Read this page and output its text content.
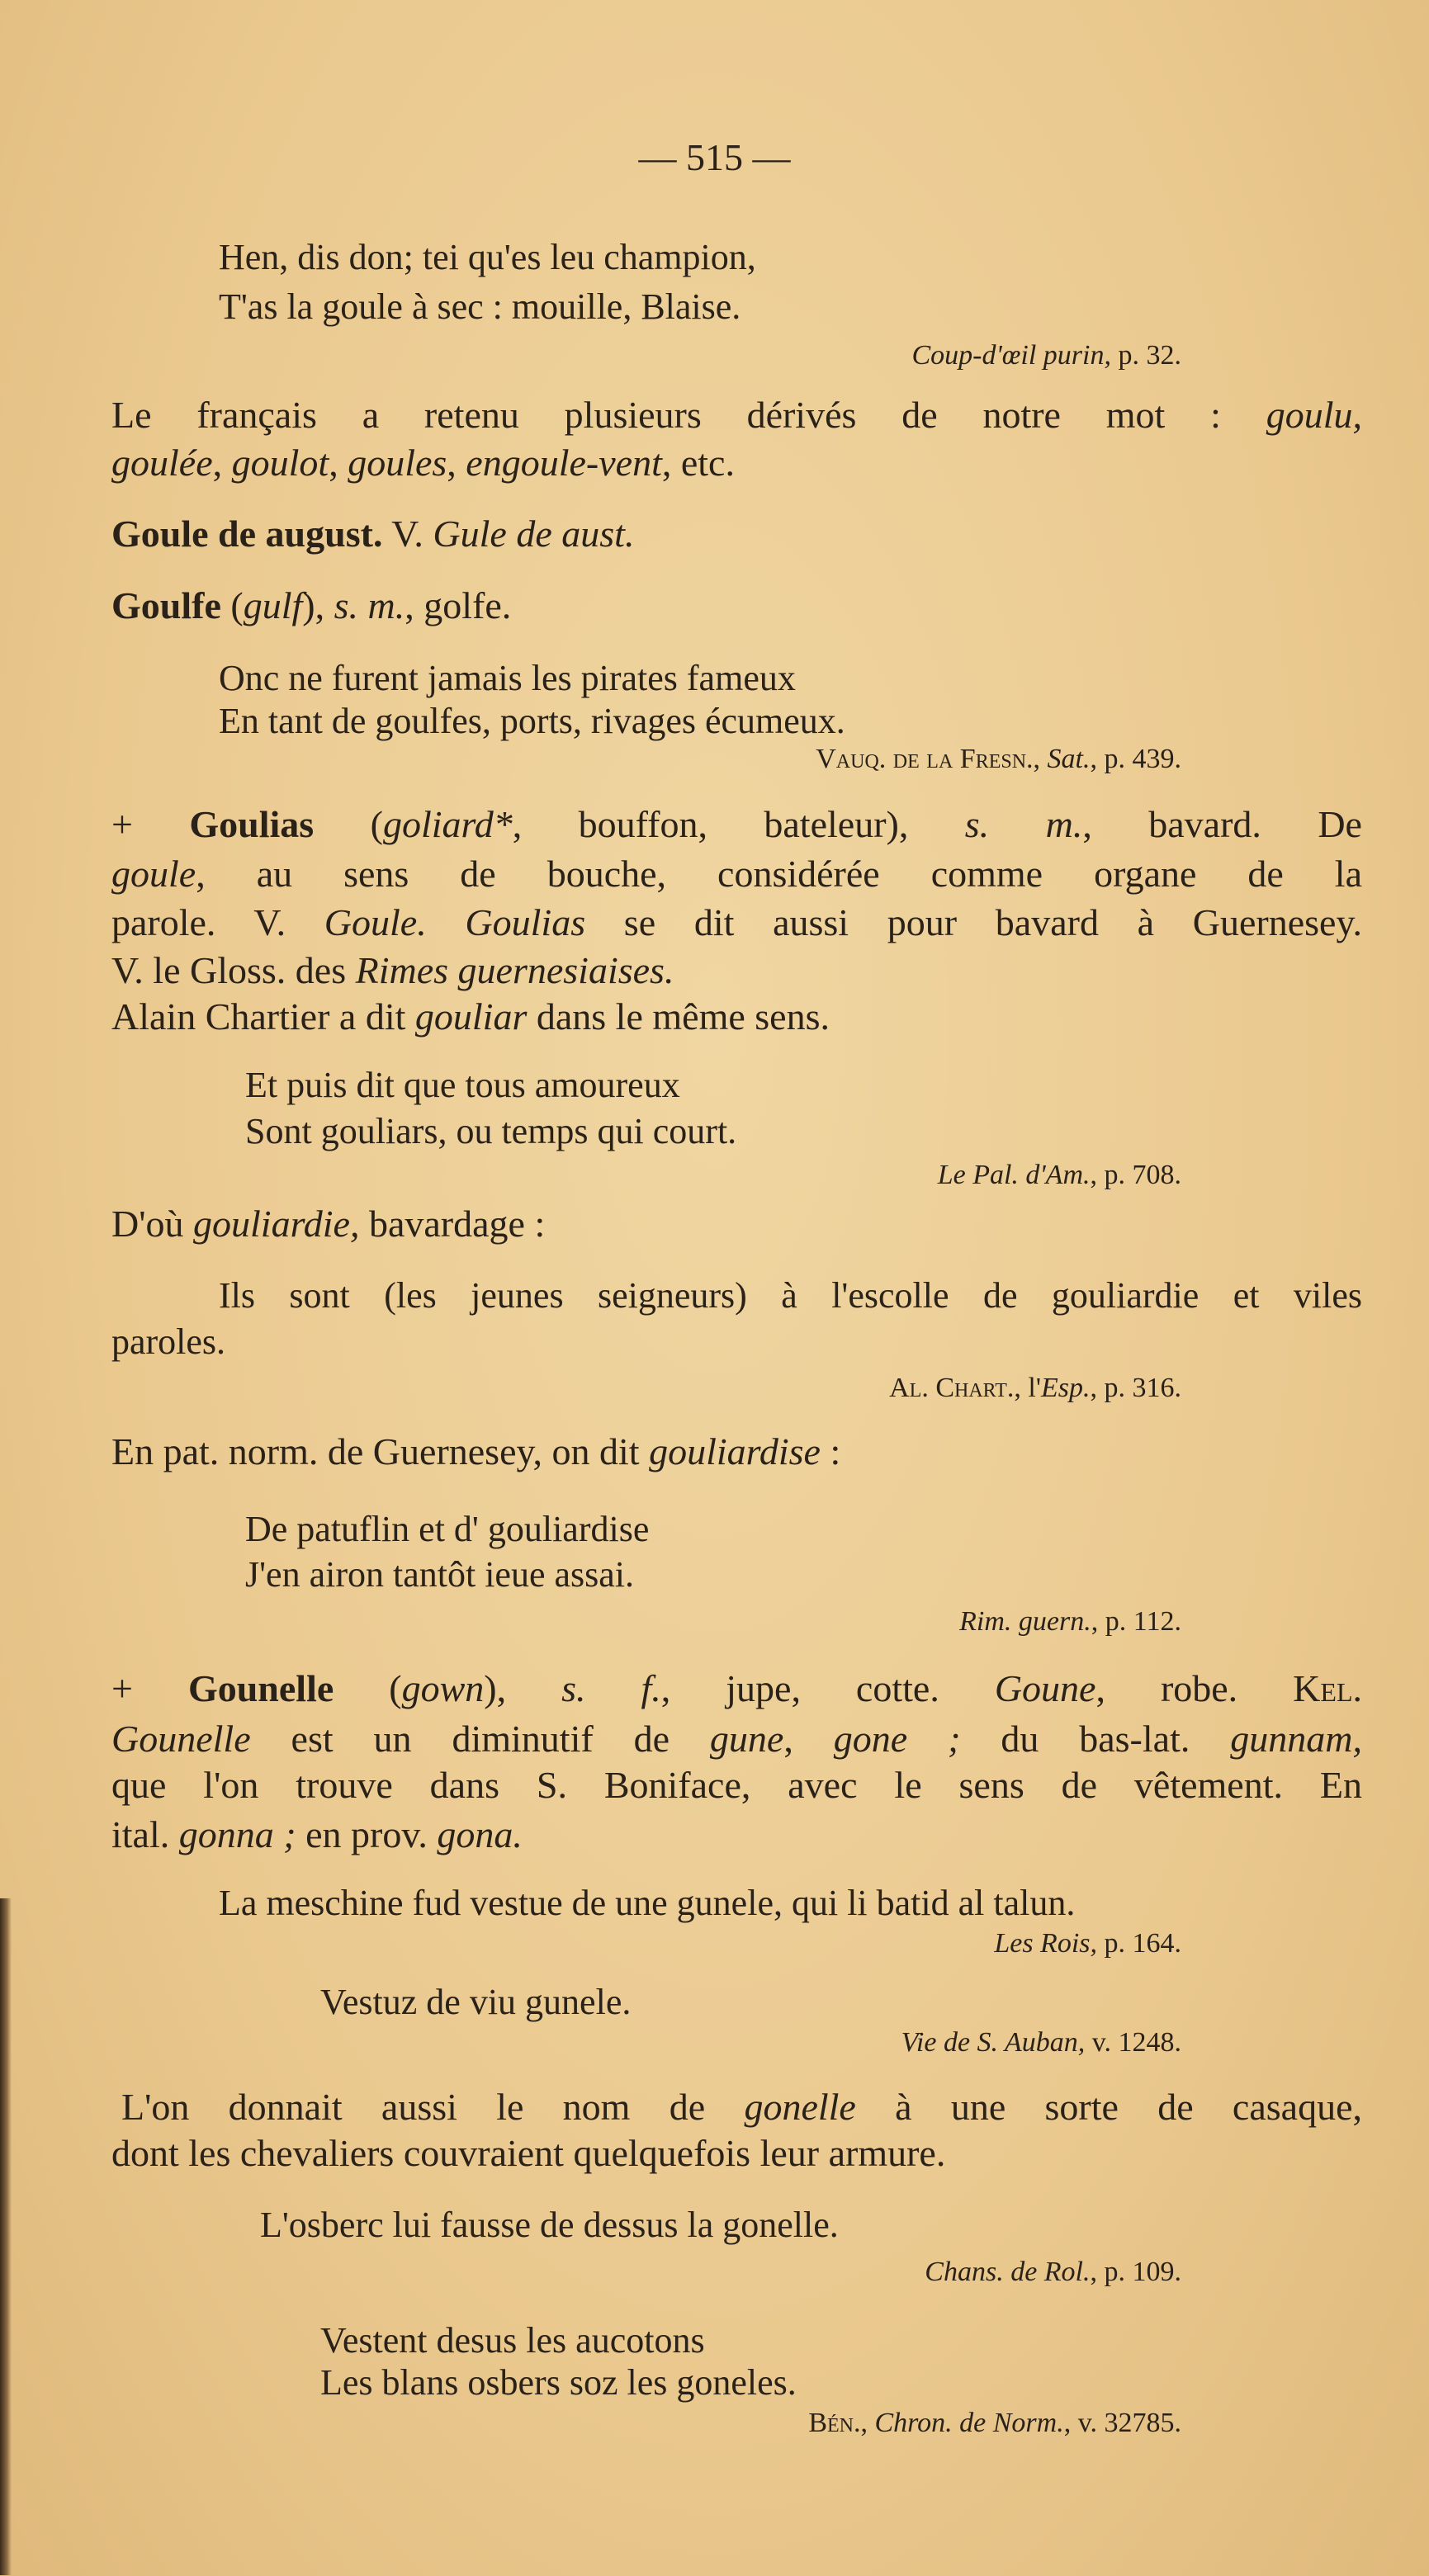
— 515 —
Hen, dis don; tei qu'es leu champion,
T'as la goule à sec : mouille, Blaise.
Coup-d'œil purin, p. 32.
Le français a retenu plusieurs dérivés de notre mot : goulu,
goulée, goulot, goules, engoule-vent, etc.
Goule de august. V. Gule de aust.
Goulfe (gulf), s. m., golfe.
Onc ne furent jamais les pirates fameux
En tant de goulfes, ports, rivages écumeux.
Vauq. de la Fresn., Sat., p. 439.
+ Goulias (goliard*, bouffon, bateleur), s. m., bavard. De
goule, au sens de bouche, considérée comme organe de la
parole. V. Goule. Goulias se dit aussi pour bavard à Guernesey.
V. le Gloss. des Rimes guernesiaises.
Alain Chartier a dit gouliar dans le même sens.
Et puis dit que tous amoureux
Sont gouliars, ou temps qui court.
Le Pal. d'Am., p. 708.
D'où gouliardie, bavardage :
Ils sont (les jeunes seigneurs) à l'escolle de gouliardie et viles
paroles.
Al. Chart., l'Esp., p. 316.
En pat. norm. de Guernesey, on dit gouliardise :
De patuflin et d' gouliardise
J'en airon tantôt ieue assai.
Rim. guern., p. 112.
+ Gounelle (gown), s. f., jupe, cotte. Goune, robe. Kel.
Gounelle est un diminutif de gune, gone ; du bas-lat. gunnam,
que l'on trouve dans S. Boniface, avec le sens de vêtement. En
ital. gonna ; en prov. gona.
La meschine fud vestue de une gunele, qui li batid al talun.
Les Rois, p. 164.
Vestuz de viu gunele.
Vie de S. Auban, v. 1248.
L'on donnait aussi le nom de gonelle à une sorte de casaque,
dont les chevaliers couvraient quelquefois leur armure.
L'osberc lui fausse de dessus la gonelle.
Chans. de Rol., p. 109.
Vestent desus les aucotons
Les blans osbers soz les goneles.
Bén., Chron. de Norm., v. 32785.
